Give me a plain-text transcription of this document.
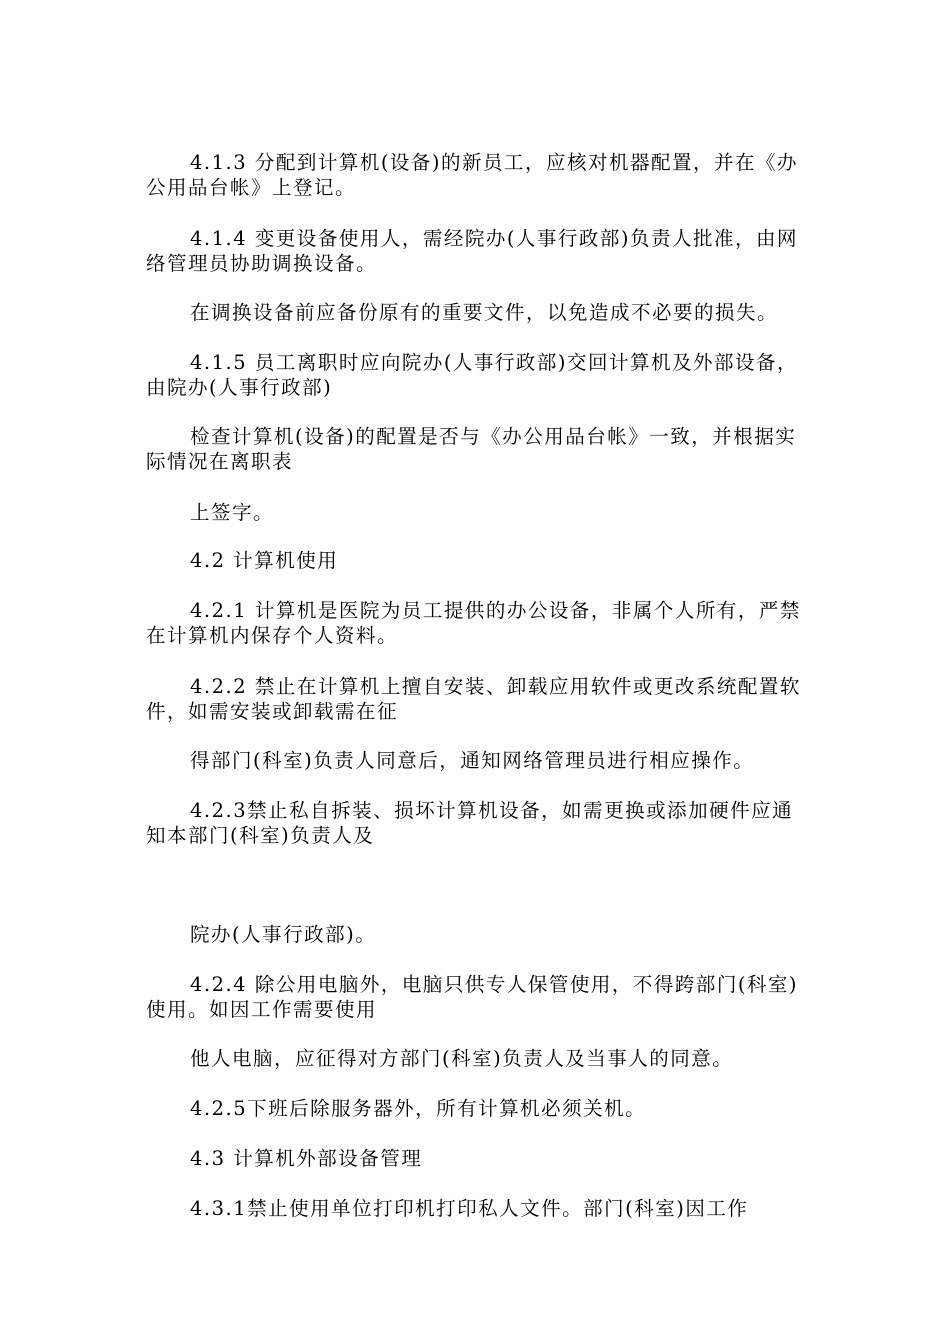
4.1.3 分配到计算机(设备)的新员工，应核对机器配置，并在《办公用品台帐》上登记。

4.1.4 变更设备使用人，需经院办(人事行政部)负责人批准，由网络管理员协助调换设备。

在调换设备前应备份原有的重要文件，以免造成不必要的损失。

4.1.5 员工离职时应向院办(人事行政部)交回计算机及外部设备，由院办(人事行政部)

检查计算机(设备)的配置是否与《办公用品台帐》一致，并根据实际情况在离职表

上签字。

4.2 计算机使用

4.2.1 计算机是医院为员工提供的办公设备，非属个人所有，严禁在计算机内保存个人资料。

4.2.2 禁止在计算机上擅自安装、卸载应用软件或更改系统配置软件，如需安装或卸载需在征

得部门(科室)负责人同意后，通知网络管理员进行相应操作。

4.2.3禁止私自拆装、损坏计算机设备，如需更换或添加硬件应通知本部门(科室)负责人及

院办(人事行政部)。

4.2.4 除公用电脑外，电脑只供专人保管使用，不得跨部门(科室)使用。如因工作需要使用

他人电脑，应征得对方部门(科室)负责人及当事人的同意。

4.2.5下班后除服务器外，所有计算机必须关机。

4.3 计算机外部设备管理

4.3.1禁止使用单位打印机打印私人文件。部门(科室)因工作
